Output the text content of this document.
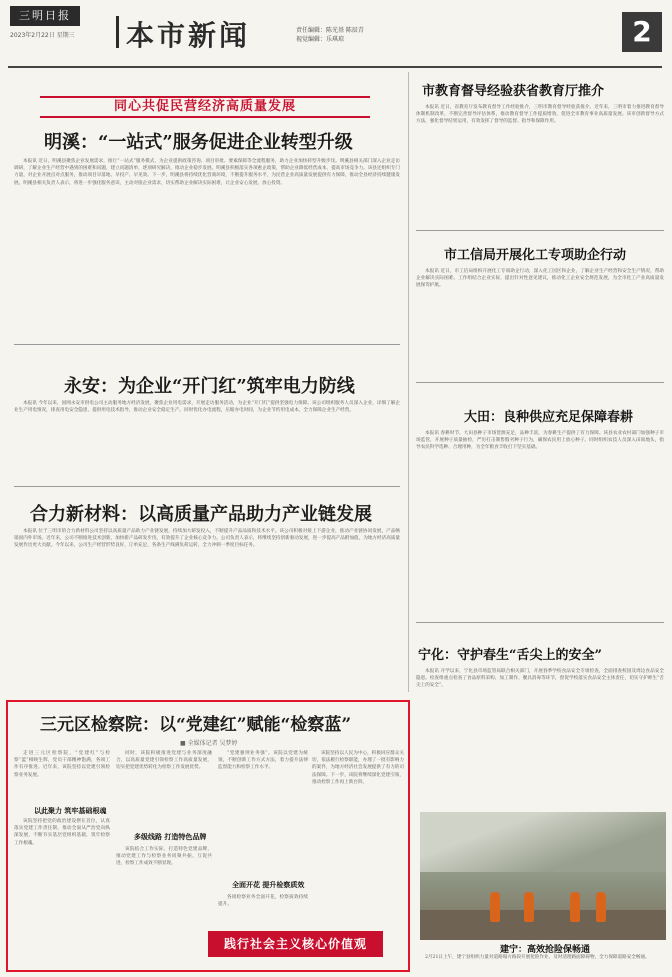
三明日报
2023年2月22日 星期三 本市新闻	责任编辑：陈光基 陈辰青
视觉编辑：乐琪琼	2
同心共促民营经济高质量发展
明溪：“一站式”服务促进企业转型升级

本报讯 近日，明溪县聚焦企业发展需求，推行“一站式”服务模式，为企业提供政策咨询、项目审批、要素保障等全流程服务，助力企业加快转型升级步伐。明溪县相关部门深入企业走访调研，了解企业生产经营中遇到的困难和问题，建立问题清单，逐项研究解决，推动企业稳步发展。明溪县积极落实各项惠企政策，帮助企业降低经营成本，提高市场竞争力。该县还组织专门力量，对企业开展点对点服务，推动项目早落地、早投产、早见效。下一步，明溪县将持续优化营商环境，不断提升服务水平，为民营企业高质量发展提供有力保障，推动全县经济持续健康发展。明溪县相关负责人表示，将进一步强化服务意识，主动对接企业需求，切实帮助企业解决实际困难，让企业安心发展、放心投资。

永安：为企业“开门红”筑牢电力防线

本报讯 今年以来，国网永安市供电公司主动服务地方经济发展，聚焦企业用电需求，开展走访服务活动，为企业“开门红”提供坚强电力保障。该公司组织服务人员深入企业，详细了解企业生产用电情况，排查用电安全隐患，提供用电技术指导，推动企业安全稳定生产。同时优化办电流程，压缩办电时间，为企业节约用电成本，全力保障企业生产经营。

合力新材料：以高质量产品助力产业链发展

本报讯 位于三明市的合力新材料公司坚持以高质量产品助力产业链发展，持续加大研发投入，不断提升产品品质和技术水平。该公司积极对接上下游企业，推动产业链协同发展，产品畅销国内外市场。近年来，公司不断推进技术创新，加快新产品研发步伐，有效提升了企业核心竞争力。公司负责人表示，将继续坚持创新驱动发展，进一步提高产品附加值，为地方经济高质量发展作出更大贡献。今年以来，公司生产经营形势良好，订单充足，各条生产线满负荷运转，全力冲刺一季度目标任务。

市教育督导经验获省教育厅推介

本报讯 近日，省教育厅发布教育督导工作经验推介，三明市教育督导经验获推介。近年来，三明市着力推进教育督导体制机制改革，不断完善督导评估体系，推动教育督导工作提质增效，促进全市教育事业高质量发展。该市创新督导方式方法，强化督导结果运用，有效发挥了督导的监督、指导和保障作用。

市工信局开展化工专项助企行动

本报讯 近日，市工信局组织开展化工专项助企行动，深入化工园区和企业，了解企业生产经营和安全生产情况，帮助企业解决实际困难。工作组结合企业实际，提出针对性意见建议，推动化工企业安全规范发展，为全市化工产业高质量发展保驾护航。

大田：良种供应充足保障春耕

本报讯 春耕时节，大田县种子市场货源充足，品种丰富，为春耕生产提供了有力保障。该县农业农村部门加强种子市场监管，开展种子质量抽检，严厉打击制售假劣种子行为，确保农民用上放心种子。同时组织农技人员深入田间地头，指导农民科学选种、合理用种，为全年粮食丰收打下坚实基础。

宁化：守护春生“舌尖上的安全”

本报讯 开学以来，宁化县市场监管局联合相关部门，开展春季学校食品安全专项检查，全面排查校园及周边食品安全隐患。检查组重点检查了食品原料采购、加工制作、餐具消毒等环节，督促学校落实食品安全主体责任，切实守护师生“舌尖上的安全”。

建宁：高效抢险保畅通

2月21日上午，建宁县组织力量对道路塌方路段开展抢险作业，及时清理路面障碍物，全力保障道路安全畅通。

三元区检察院：以“党建红”赋能“检察蓝”
■ 全媒体记者 吴梦婷

走进三元区检察院，“党建红”与检察“蓝”相映生辉，党员干部精神饱满，各项工作有序推进。近年来，该院坚持以党建引领检察业务发展。

以此聚力 筑牢基础根魂

该院坚持把党的政治建设摆在首位，认真落实党建工作责任制，推动全面从严治党向纵深发展，不断夯实基层党组织基础，筑牢检察工作根魂。

同时，该院积极推进党建与业务深度融合，以高质量党建引领检察工作高质量发展，切实把党建优势转化为检察工作发展优势。

多级线路 打造特色品牌

该院结合工作实际，打造特色党建品牌，推动党建工作与检察业务同频共振、互促共进，检察工作成效不断显现。

“党建强则业务强”。该院以党建为统领，不断创新工作方式方法，着力提升法律监督能力和检察工作水平。

全面开花 提升检察质效

各项检察业务全面开花，检察质效持续提升。

该院坚持以人民为中心，积极回应群众关切，依法履行检察职能，办理了一批有影响力的案件，为地方经济社会发展提供了有力的司法保障。下一步，该院将继续深化党建引领，推动检察工作再上新台阶。

践行社会主义核心价值观
